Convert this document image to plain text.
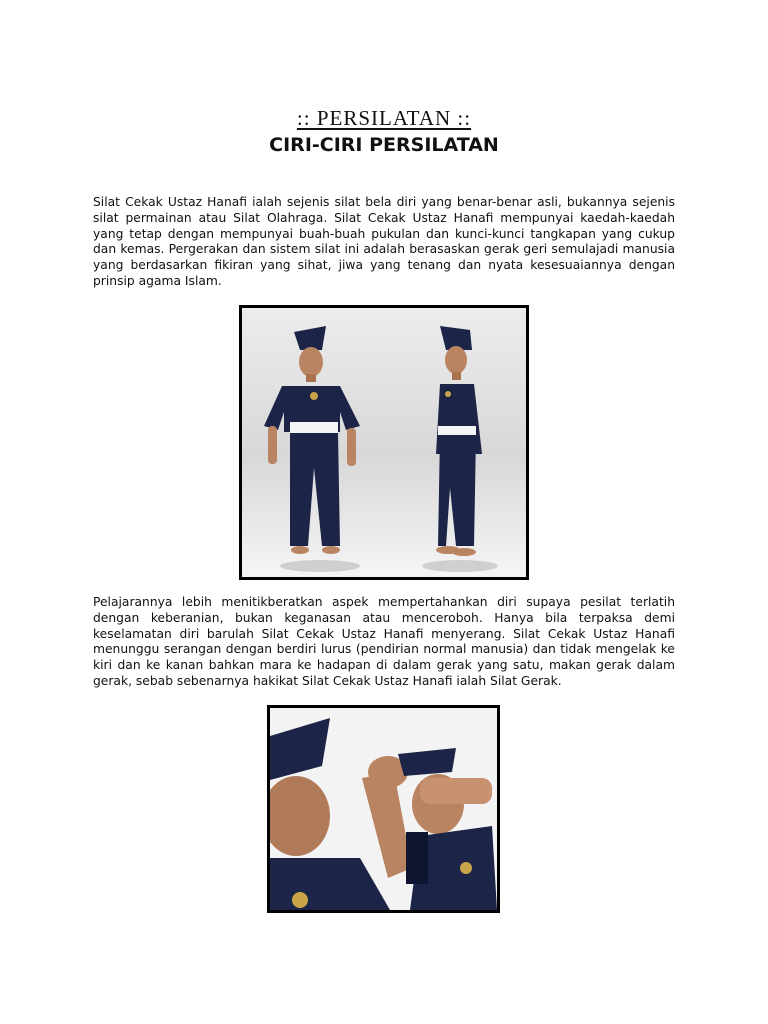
:: PERSILATAN ::
CIRI-CIRI PERSILATAN
Silat Cekak Ustaz Hanafi ialah sejenis silat bela diri yang benar-benar asli, bukannya sejenis silat permainan atau Silat Olahraga. Silat Cekak Ustaz Hanafi mempunyai kaedah-kaedah yang tetap dengan mempunyai buah-buah pukulan dan kunci-kunci tangkapan yang cukup dan kemas. Pergerakan dan sistem silat ini adalah berasaskan gerak geri semulajadi manusia yang berdasarkan fikiran yang sihat, jiwa yang tenang dan nyata kesesuaiannya dengan prinsip agama Islam.
Pelajarannya lebih menitikberatkan aspek mempertahankan diri supaya pesilat terlatih dengan keberanian, bukan keganasan atau menceroboh. Hanya bila terpaksa demi keselamatan diri barulah Silat Cekak Ustaz Hanafi menyerang. Silat Cekak Ustaz Hanafi menunggu serangan dengan berdiri lurus (pendirian normal manusia) dan tidak mengelak ke kiri dan ke kanan bahkan mara ke hadapan di dalam gerak yang satu, makan gerak dalam gerak, sebab sebenarnya hakikat Silat Cekak Ustaz Hanafi ialah Silat Gerak.
